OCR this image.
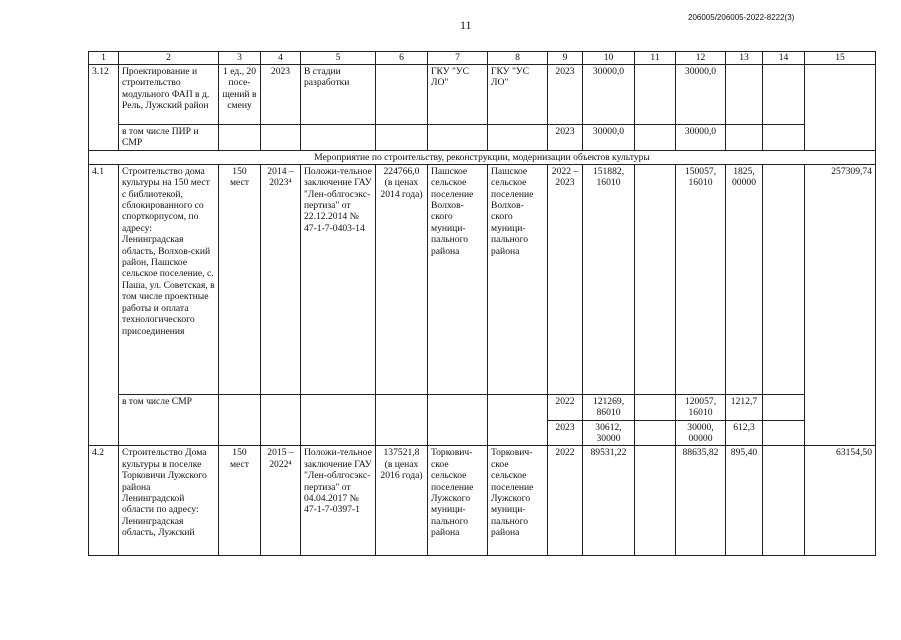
11
206005/206005-2022-8222(3)
1	2	3	4	5	6	7	8	9	10	11	12	13	14	15
3.12	Проектирование и строительство модульного ФАП в д. Рель, Лужский район	1 ед., 20 посе-щений в смену	2023	В стадии разработки		ГКУ "УС ЛО"	ГКУ "УС ЛО"	2023	30000,0		30000,0			
	в том числе ПИР и СМР							2023	30000,0		30000,0			
Мероприятие по строительству, реконструкции, модернизации объектов культуры														
4.1	Строительство дома культуры на 150 мест с библиотекой, сблокированного со спорткорпусом, по адресу: Ленинградская область, Волхов-ский район, Пашское сельское поселение, с. Паша, ул. Советская, в том числе проектные работы и оплата технологического присоединения	150 мест	2014 – 2023⁴	Положи-тельное заключение ГАУ "Лен-облгосэкс-пертиза" от 22.12.2014 № 47-1-7-0403-14	224766,0 (в ценах 2014 года)	Пашское сельское поселение Волхов-ского муници-пального района	Пашское сельское поселение Волхов-ского муници-пального района	2022 – 2023	151882, 16010		150057, 16010	1825, 00000		257309,74
	в том числе СМР							2022	121269, 86010		120057, 16010	1212,7		
								2023	30612, 30000		30000, 00000	612,3		
4.2	Строительство Дома культуры в поселке Торковичи Лужского района Ленинградской области по адресу: Ленинградская область, Лужский	150 мест	2015 – 2022⁴	Положи-тельное заключение ГАУ "Лен-облгосэкс-пертиза" от 04.04.2017 № 47-1-7-0397-1	137521,8 (в ценах 2016 года)	Торкович-ское сельское поселение Лужского муници-пального района	Торкович-ское сельское поселение Лужского муници-пального района	2022	89531,22		88635,82	895,40		63154,50
